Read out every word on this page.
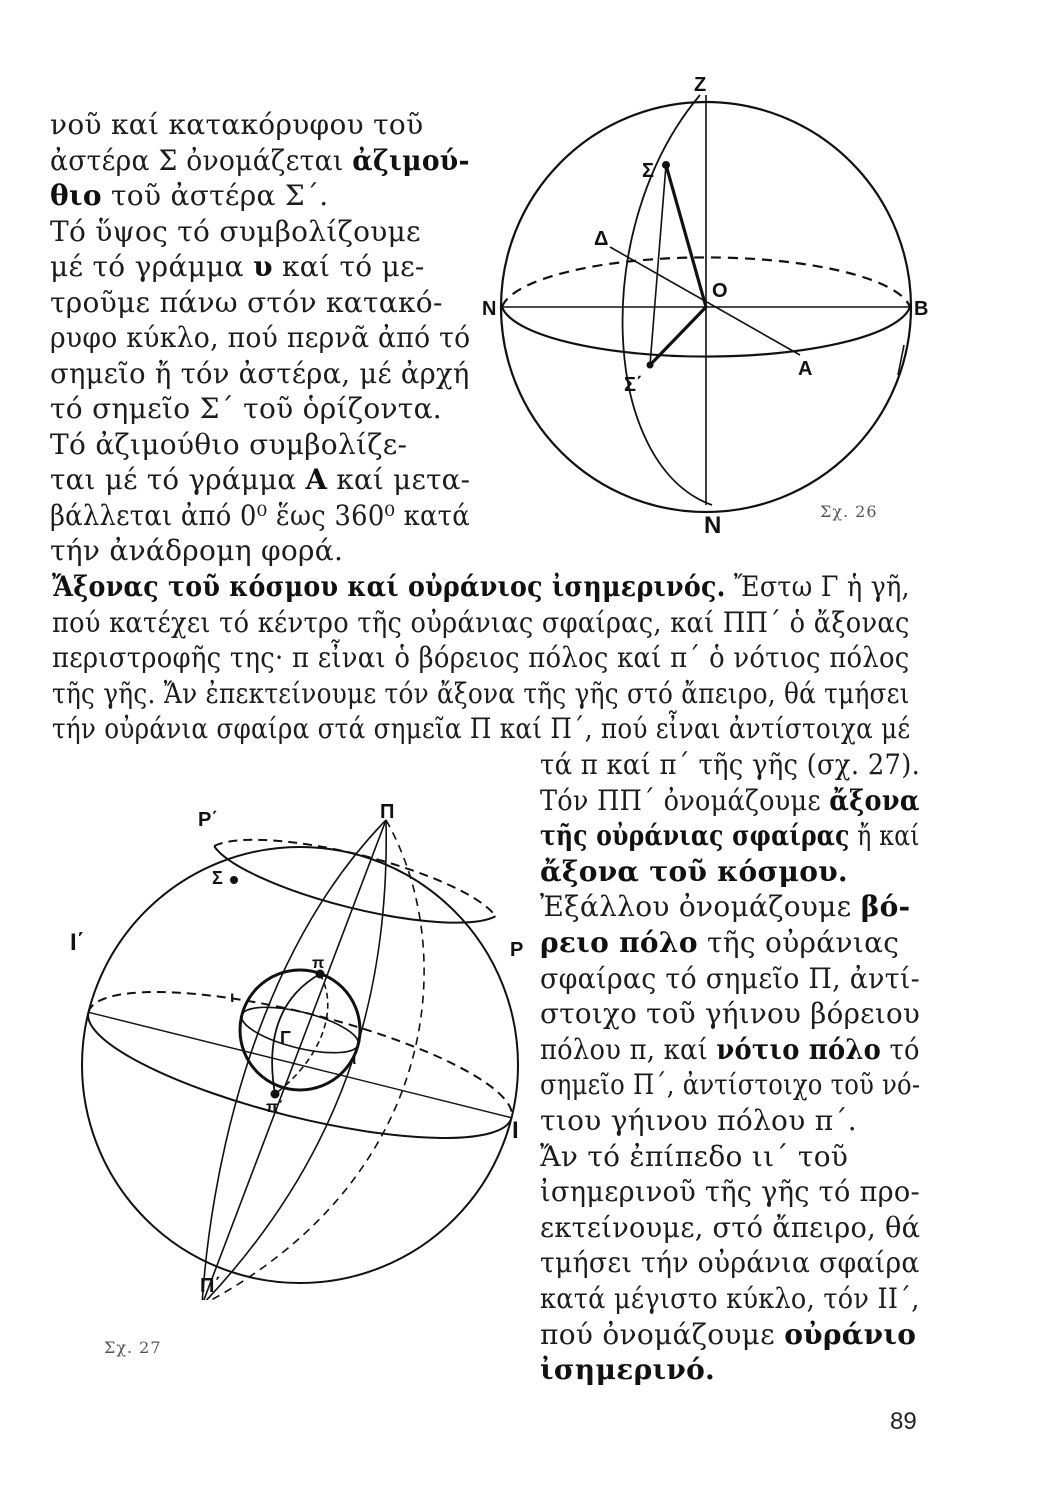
νοῦ καί κατακόρυφου τοῦ
ἀστέρα Σ ὀνομάζεται ἀζιμού-
θιο τοῦ ἀστέρα Σ΄.
Τό ὕψος τό συμβολίζουμε
μέ τό γράμμα υ καί τό με-
τροῦμε πάνω στόν κατακό-
ρυφο κύκλο, πού περνᾶ ἀπό τό
σημεῖο ἤ τόν ἀστέρα, μέ ἀρχή
τό σημεῖο Σ΄ τοῦ ὁρίζοντα.
Τό ἀζιμούθιο συμβολίζε-
ται μέ τό γράμμα Α καί μετα-
βάλλεται ἀπό 0⁰ ἕως 360⁰ κατά
τήν ἀνάδρομη φορά.
Ἄξονας τοῦ κόσμου καί οὐράνιος ἰσημερινός. Ἔστω Γ ἡ γῆ,
πού κατέχει τό κέντρο τῆς οὐράνιας σφαίρας, καί ΠΠ΄ ὁ ἄξονας
περιστροφῆς της· π εἶναι ὁ βόρειος πόλος καί π΄ ὁ νότιος πόλος
τῆς γῆς. Ἄν ἐπεκτείνουμε τόν ἄξονα τῆς γῆς στό ἄπειρο, θά τμήσει
τήν οὐράνια σφαίρα στά σημεῖα Π καί Π΄, πού εἶναι ἀντίστοιχα μέ
τά π καί π΄ τῆς γῆς (σχ. 27).
Τόν ΠΠ΄ ὀνομάζουμε ἄξονα
τῆς οὐράνιας σφαίρας ἤ καί
ἄξονα τοῦ κόσμου.
Ἐξάλλου ὀνομάζουμε βό-
ρειο πόλο τῆς οὐράνιας
σφαίρας τό σημεῖο Π, ἀντί-
στοιχο τοῦ γήινου βόρειου
πόλου π, καί νότιο πόλο τό
σημεῖο Π΄, ἀντίστοιχο τοῦ νό-
τιου γήινου πόλου π΄.
Ἄν τό ἐπίπεδο ιι΄ τοῦ
ἰσημερινοῦ τῆς γῆς τό προ-
εκτείνουμε, στό ἄπειρο, θά
τμήσει τήν οὐράνια σφαίρα
κατά μέγιστο κύκλο, τόν ΙΙ΄,
πού ὀνομάζουμε οὐράνιο
ἰσημερινό.
Z
N
Σ
Σ΄
Δ
O
N	B
A
Σχ. 26
Π
P΄
Π΄
Σ
P
I΄
I
Γ
π
π΄
ι
ι
Σχ. 27
89
